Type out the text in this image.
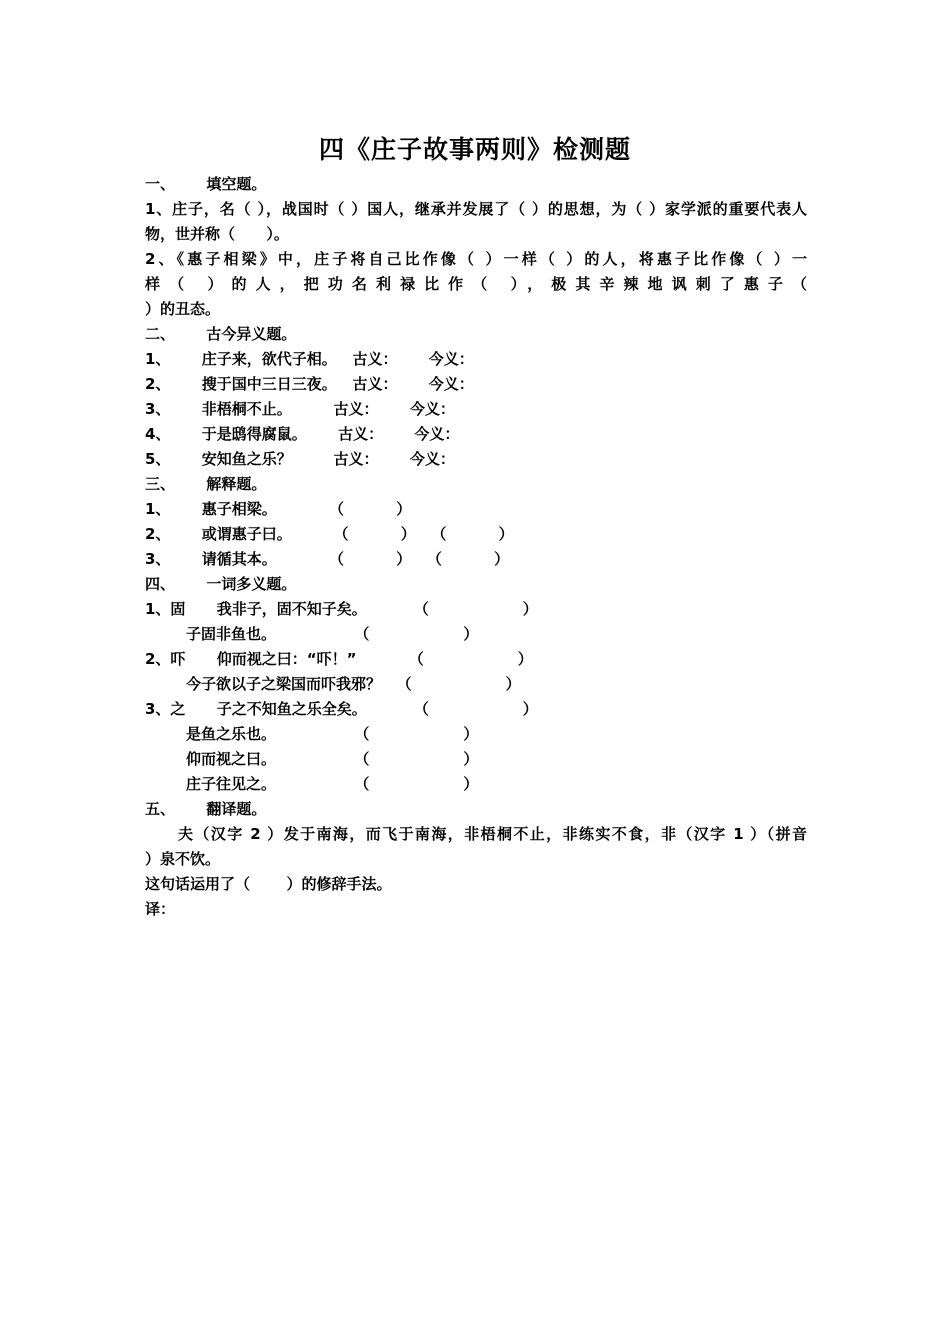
四《庄子故事两则》检测题
一、      填空题。
1、庄子，名（ ），战国时（ ）国人，继承并发展了（ ）的思想，为（ ）家学派的重要代表人
物，世并称（      ）。
2、《惠子相梁》中，庄子将自己比作像（ ）一样（ ）的人，将惠子比作像（ ）一
样（ ）的人，把功名利禄比作（ ），极其辛辣地讽刺了惠子（
）的丑态。
二、      古今异义题。
1、      庄子来，欲代子相。   古义：      今义：
2、      搜于国中三日三夜。   古义：      今义：
3、      非梧桐不止。        古义：      今义：
4、      于是鸱得腐鼠。      古义：      今义：
5、      安知鱼之乐？        古义：      今义：
三、      解释题。
1、      惠子相梁。          （          ）
2、      或谓惠子曰。        （          ）   （          ）
3、      请循其本。          （          ）   （          ）
四、      一词多义题。
1、固      我非子，固不知子矣。         （                  ）
子固非鱼也。               （                  ）
2、吓      仰而视之曰：“吓！”          （                  ）
今子欲以子之梁国而吓我邪？   （                  ）
3、之      子之不知鱼之乐全矣。         （                  ）
是鱼之乐也。               （                  ）
仰而视之曰。               （                  ）
庄子往见之。               （                  ）
五、      翻译题。
夫（汉字 2 ）发于南海，而飞于南海，非梧桐不止，非练实不食，非（汉字 1 ）（拼音
）泉不饮。
这句话运用了（       ）的修辞手法。
译：
